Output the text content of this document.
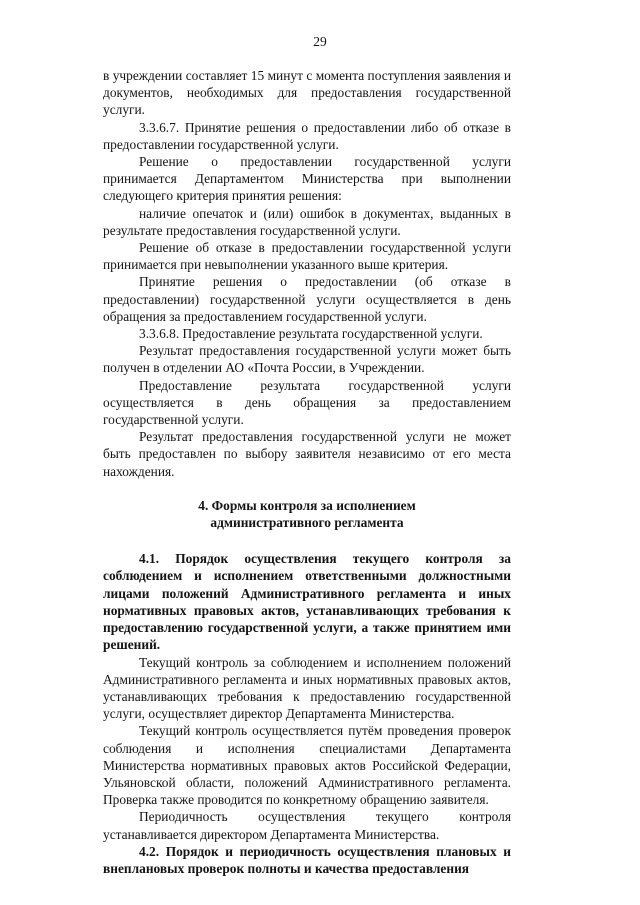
29

в учреждении составляет 15 минут с момента поступления заявления и документов, необходимых для предоставления государственной услуги.

3.3.6.7. Принятие решения о предоставлении либо об отказе в предоставлении государственной услуги.

Решение о предоставлении государственной услуги принимается Департаментом Министерства при выполнении следующего критерия принятия решения:

наличие опечаток и (или) ошибок в документах, выданных в результате предоставления государственной услуги.

Решение об отказе в предоставлении государственной услуги принимается при невыполнении указанного выше критерия.

Принятие решения о предоставлении (об отказе в предоставлении) государственной услуги осуществляется в день обращения за предоставлением государственной услуги.

3.3.6.8. Предоставление результата государственной услуги.

Результат предоставления государственной услуги может быть получен в отделении АО «Почта России, в Учреждении.

Предоставление результата государственной услуги осуществляется в день обращения за предоставлением государственной услуги.

Результат предоставления государственной услуги не может быть предоставлен по выбору заявителя независимо от его места нахождения.

4. Формы контроля за исполнением
административного регламента

4.1. Порядок осуществления текущего контроля за соблюдением и исполнением ответственными должностными лицами положений Административного регламента и иных нормативных правовых актов, устанавливающих требования к предоставлению государственной услуги, а также принятием ими решений.

Текущий контроль за соблюдением и исполнением положений Административного регламента и иных нормативных правовых актов, устанавливающих требования к предоставлению государственной услуги, осуществляет директор Департамента Министерства.

Текущий контроль осуществляется путём проведения проверок соблюдения и исполнения специалистами Департамента Министерства нормативных правовых актов Российской Федерации, Ульяновской области, положений Административного регламента. Проверка также проводится по конкретному обращению заявителя.

Периодичность осуществления текущего контроля устанавливается директором Департамента Министерства.

4.2. Порядок и периодичность осуществления плановых и внеплановых проверок полноты и качества предоставления
